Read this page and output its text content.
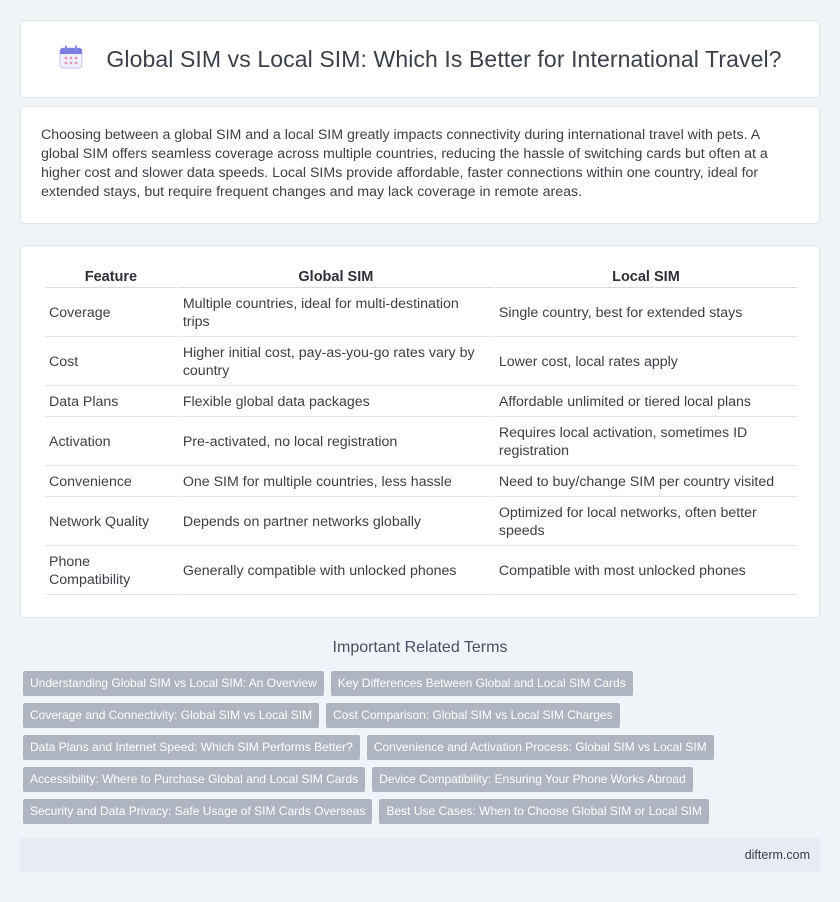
Global SIM vs Local SIM: Which Is Better for International Travel?

Choosing between a global SIM and a local SIM greatly impacts connectivity during international travel with pets. A global SIM offers seamless coverage across multiple countries, reducing the hassle of switching cards but often at a higher cost and slower data speeds. Local SIMs provide affordable, faster connections within one country, ideal for extended stays, but require frequent changes and may lack coverage in remote areas.

Feature	Global SIM	Local SIM
Coverage	Multiple countries, ideal for multi-destination trips	Single country, best for extended stays
Cost	Higher initial cost, pay-as-you-go rates vary by country	Lower cost, local rates apply
Data Plans	Flexible global data packages	Affordable unlimited or tiered local plans
Activation	Pre-activated, no local registration	Requires local activation, sometimes ID registration
Convenience	One SIM for multiple countries, less hassle	Need to buy/change SIM per country visited
Network Quality	Depends on partner networks globally	Optimized for local networks, often better speeds
Phone Compatibility	Generally compatible with unlocked phones	Compatible with most unlocked phones
Important Related Terms
Understanding Global SIM vs Local SIM: An Overview	Key Differences Between Global and Local SIM Cards
Coverage and Connectivity: Global SIM vs Local SIM	Cost Comparison: Global SIM vs Local SIM Charges
Data Plans and Internet Speed: Which SIM Performs Better?	Convenience and Activation Process: Global SIM vs Local SIM
Accessibility: Where to Purchase Global and Local SIM Cards	Device Compatibility: Ensuring Your Phone Works Abroad
Security and Data Privacy: Safe Usage of SIM Cards Overseas	Best Use Cases: When to Choose Global SIM or Local SIM
difterm.com
